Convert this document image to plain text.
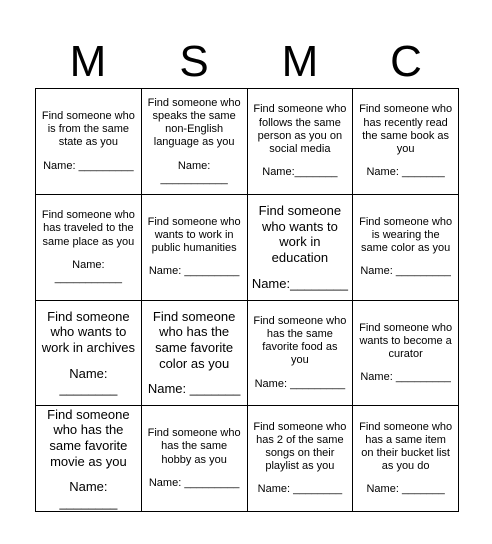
M	S	M	C
Find someone who is from the same state as you
Name: _________
Find someone who speaks the same non-English language as you
Name: ___________
Find someone who follows the same person as you on social media
Name:_______
Find someone who has recently read the same book as you
Name: _______
Find someone who has traveled to the same place as you
Name: ___________
Find someone who wants to work in public humanities
Name: _________
Find someone who wants to work in education
Name:________
Find someone who is wearing the same color as you
Name: _________
Find someone who wants to work in archives
Name: ________
Find someone who has the same favorite color as you
Name: _______
Find someone who has the same favorite food as you
Name: _________
Find someone who wants to become a curator
Name: _________
Find someone who has the same favorite movie as you
Name: ________
Find someone who has the same hobby as you
Name: _________
Find someone who has 2 of the same songs on their playlist as you
Name: ________
Find someone who has a same item on their bucket list as you do
Name: _______
